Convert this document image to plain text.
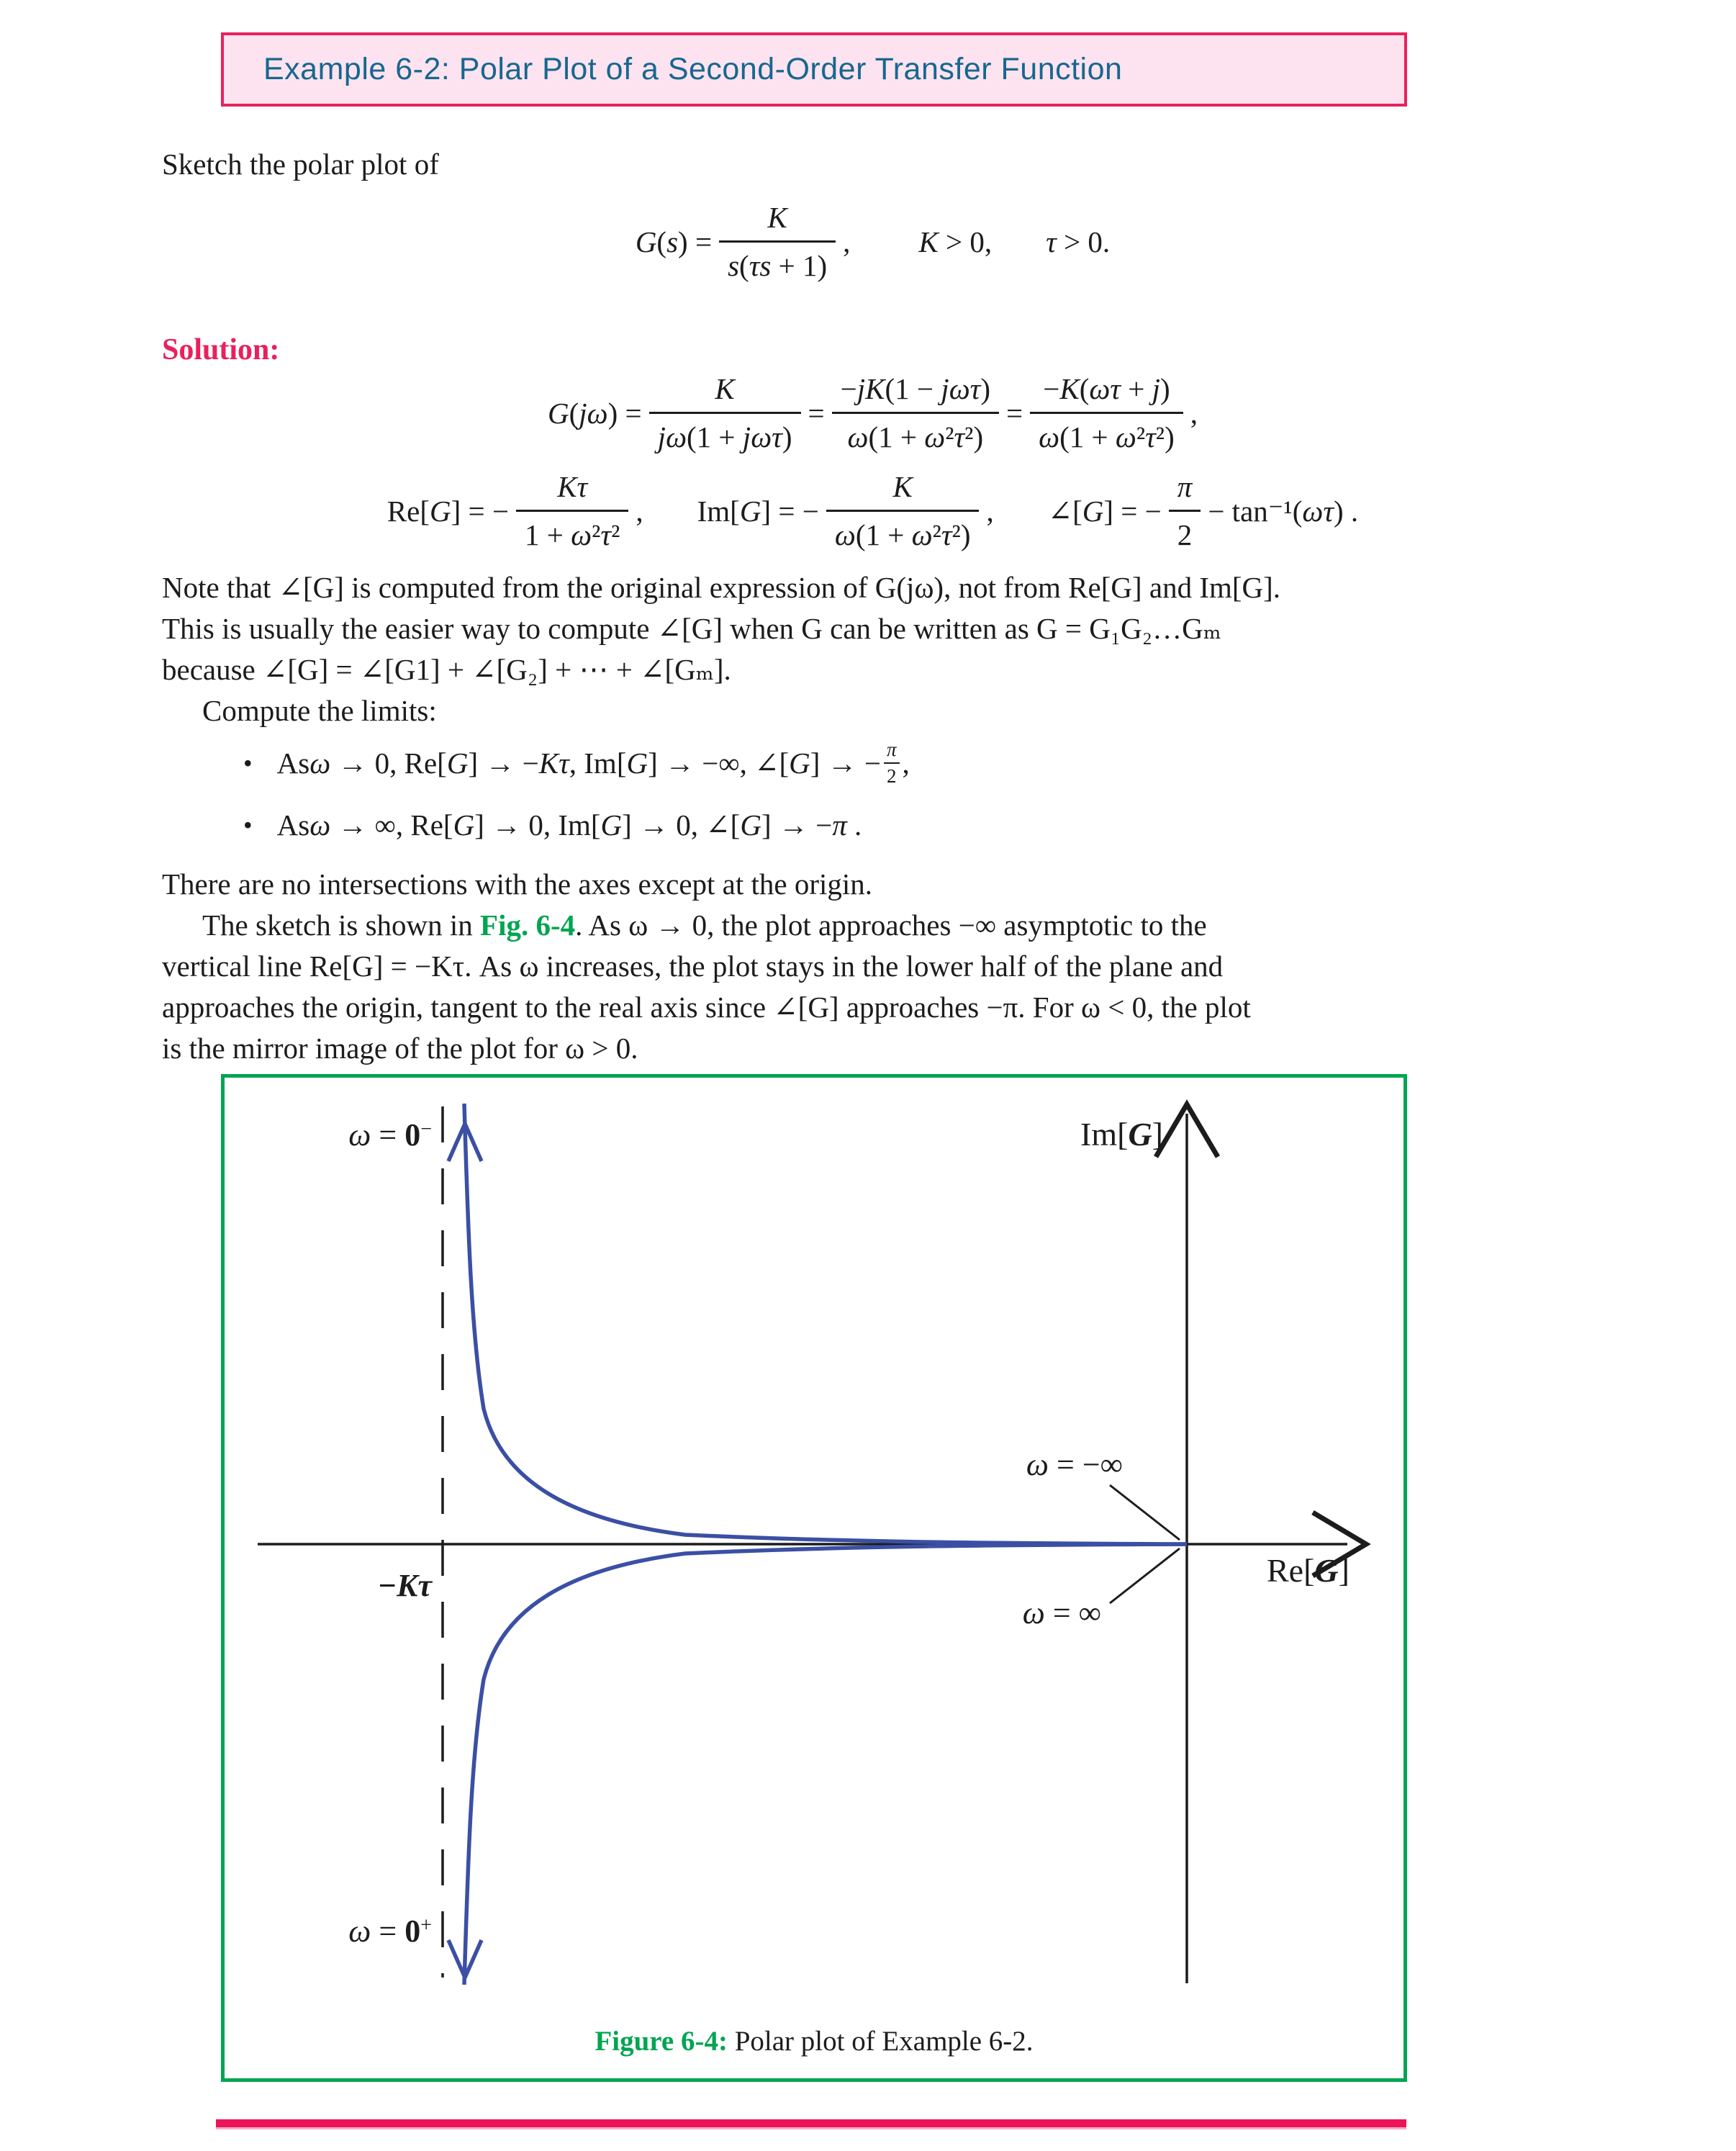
Example 6-2: Polar Plot of a Second-Order Transfer Function
Sketch the polar plot of
$G(s) = \frac{K}{s(\tau s + 1)}$ , K > 0, τ > 0.
Solution:
$G(j\omega) = \frac{K}{\text{jω(1 + jωτ)}} = \frac{\text{−jK(1 − jωτ)}}{\text{ω(1 + ω²τ²)}} = \frac{-K(\omega\tau + j)}{\text{ω(1 + ω²τ²)}}$ ,
Re[G] = − $\frac{K\tau}{\text{1 + ω²τ²}}$ , Im[G] = − $\frac{K}{\text{ω(1 + ω²τ²)}}$ , ∠[G] = − $\frac{\pi}{2} - \tan^{-1}(\omega\tau)$ .
Note that ∠[G] is computed from the original expression of G(jω), not from Re[G] and Im[G].
This is usually the easier way to compute ∠[G] when G can be written as G = G₁G₂…Gₘ
because ∠[G] = ∠[G1] + ∠[G₂] + ⋯ + ∠[Gₘ].
Compute the limits:
• As ω → 0, Re[G] → −Kτ, Im[G] → −∞, ∠[G] → − $\frac{\pi}{2}$ ,
• As ω → ∞, Re[G] → 0, Im[G] → 0, ∠[G] → −π .
There are no intersections with the axes except at the origin.
The sketch is shown in Fig. 6-4. As ω → 0, the plot approaches −∞ asymptotic to the
vertical line Re[G] = −Kτ. As ω increases, the plot stays in the lower half of the plane and
approaches the origin, tangent to the real axis since ∠[G] approaches −π. For ω < 0, the plot
is the mirror image of the plot for ω > 0.
ω = 0−	Im[G]
ω = −∞
ω = ∞
Re[G]
−Kτ
ω = 0+
Figure 6-4: Polar plot of Example 6-2.
